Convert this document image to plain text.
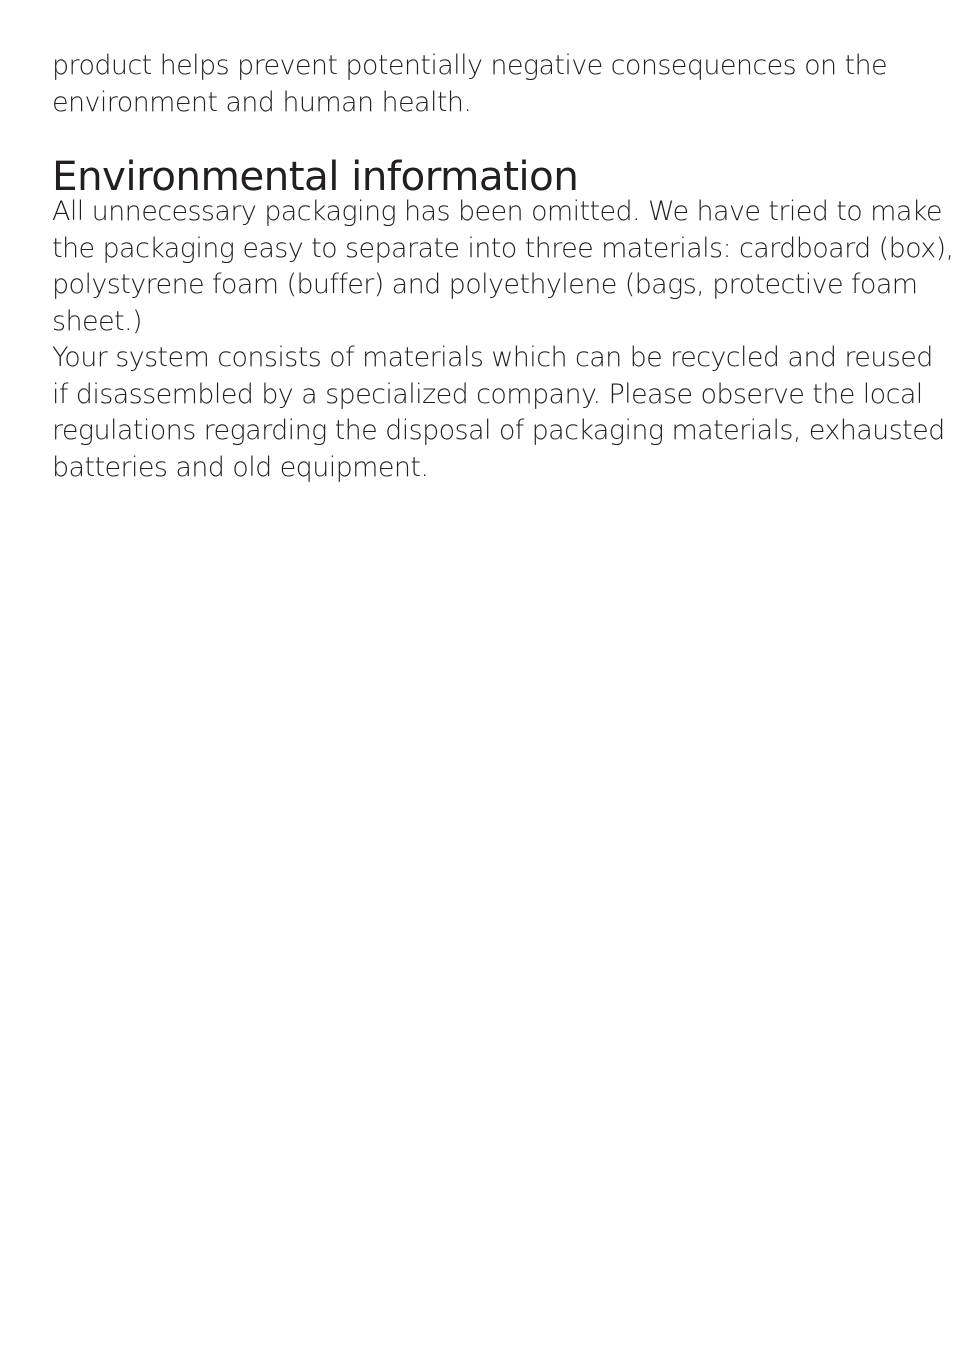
product helps prevent potentially negative consequences on the
environment and human health.

Environmental information

All unnecessary packaging has been omitted. We have tried to make
the packaging easy to separate into three materials: cardboard (box),
polystyrene foam (buffer) and polyethylene (bags, protective foam
sheet.)

Your system consists of materials which can be recycled and reused
if disassembled by a specialized company. Please observe the local
regulations regarding the disposal of packaging materials, exhausted
batteries and old equipment.
